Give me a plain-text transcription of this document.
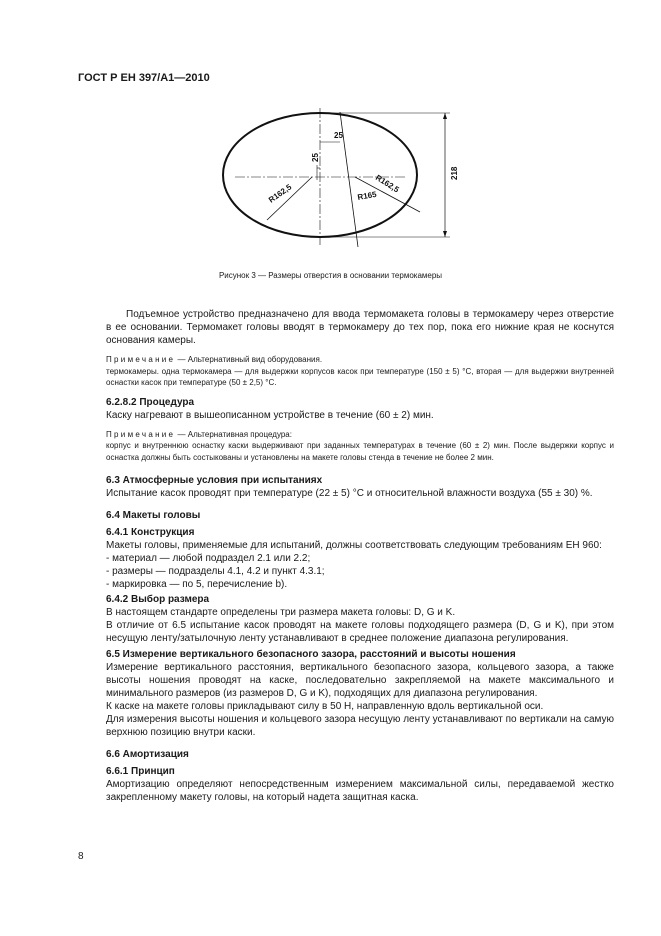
ГОСТ Р ЕН 397/А1—2010
25
25
R162,5	R162,5
R165
218
Рисунок 3 — Размеры отверстия в основании термокамеры

Подъемное устройство предназначено для ввода термомакета головы в термокамеру через отверстие в ее основании. Термомакет головы вводят в термокамеру до тех пор, пока его нижние края не коснутся основания камеры.

Примечание — Альтернативный вид оборудования.

термокамеры. одна термокамера — для выдержки корпусов касок при температуре (150 ± 5) °С, вторая — для выдержки внутренней оснастки касок при температуре (50 ± 2,5) °С.

6.2.8.2 Процедура

Каску нагревают в вышеописанном устройстве в течение (60 ± 2) мин.

Примечание — Альтернативная процедура:

корпус и внутреннюю оснастку каски выдерживают при заданных температурах в течение (60 ± 2) мин. После выдержки корпус и оснастка должны быть состыкованы и установлены на макете головы стенда в течение не более 2 мин.

6.3 Атмосферные условия при испытаниях

Испытание касок проводят при температуре (22 ± 5) °С и относительной влажности воздуха (55 ± 30) %.

6.4 Макеты головы

6.4.1 Конструкция

Макеты головы, применяемые для испытаний, должны соответствовать следующим требованиям ЕН 960:

- материал — любой подраздел 2.1 или 2.2;
- размеры — подразделы 4.1, 4.2 и пункт 4.3.1;
- маркировка — по 5, перечисление b).

6.4.2 Выбор размера

В настоящем стандарте определены три размера макета головы: D, G и K.

В отличие от 6.5 испытание касок проводят на макете головы подходящего размера (D, G и K), при этом несущую ленту/затылочную ленту устанавливают в среднее положение диапазона регулирования.

6.5 Измерение вертикального безопасного зазора, расстояний и высоты ношения

Измерение вертикального расстояния, вертикального безопасного зазора, кольцевого зазора, а также высоты ношения проводят на каске, последовательно закрепляемой на макете максимального и минимального размеров (из размеров D, G и K), подходящих для диапазона регулирования.

К каске на макете головы прикладывают силу в 50 Н, направленную вдоль вертикальной оси.

Для измерения высоты ношения и кольцевого зазора несущую ленту устанавливают по вертикали на самую верхнюю позицию внутри каски.

6.6 Амортизация

6.6.1 Принцип

Амортизацию определяют непосредственным измерением максимальной силы, передаваемой жестко закрепленному макету головы, на который надета защитная каска.

8
